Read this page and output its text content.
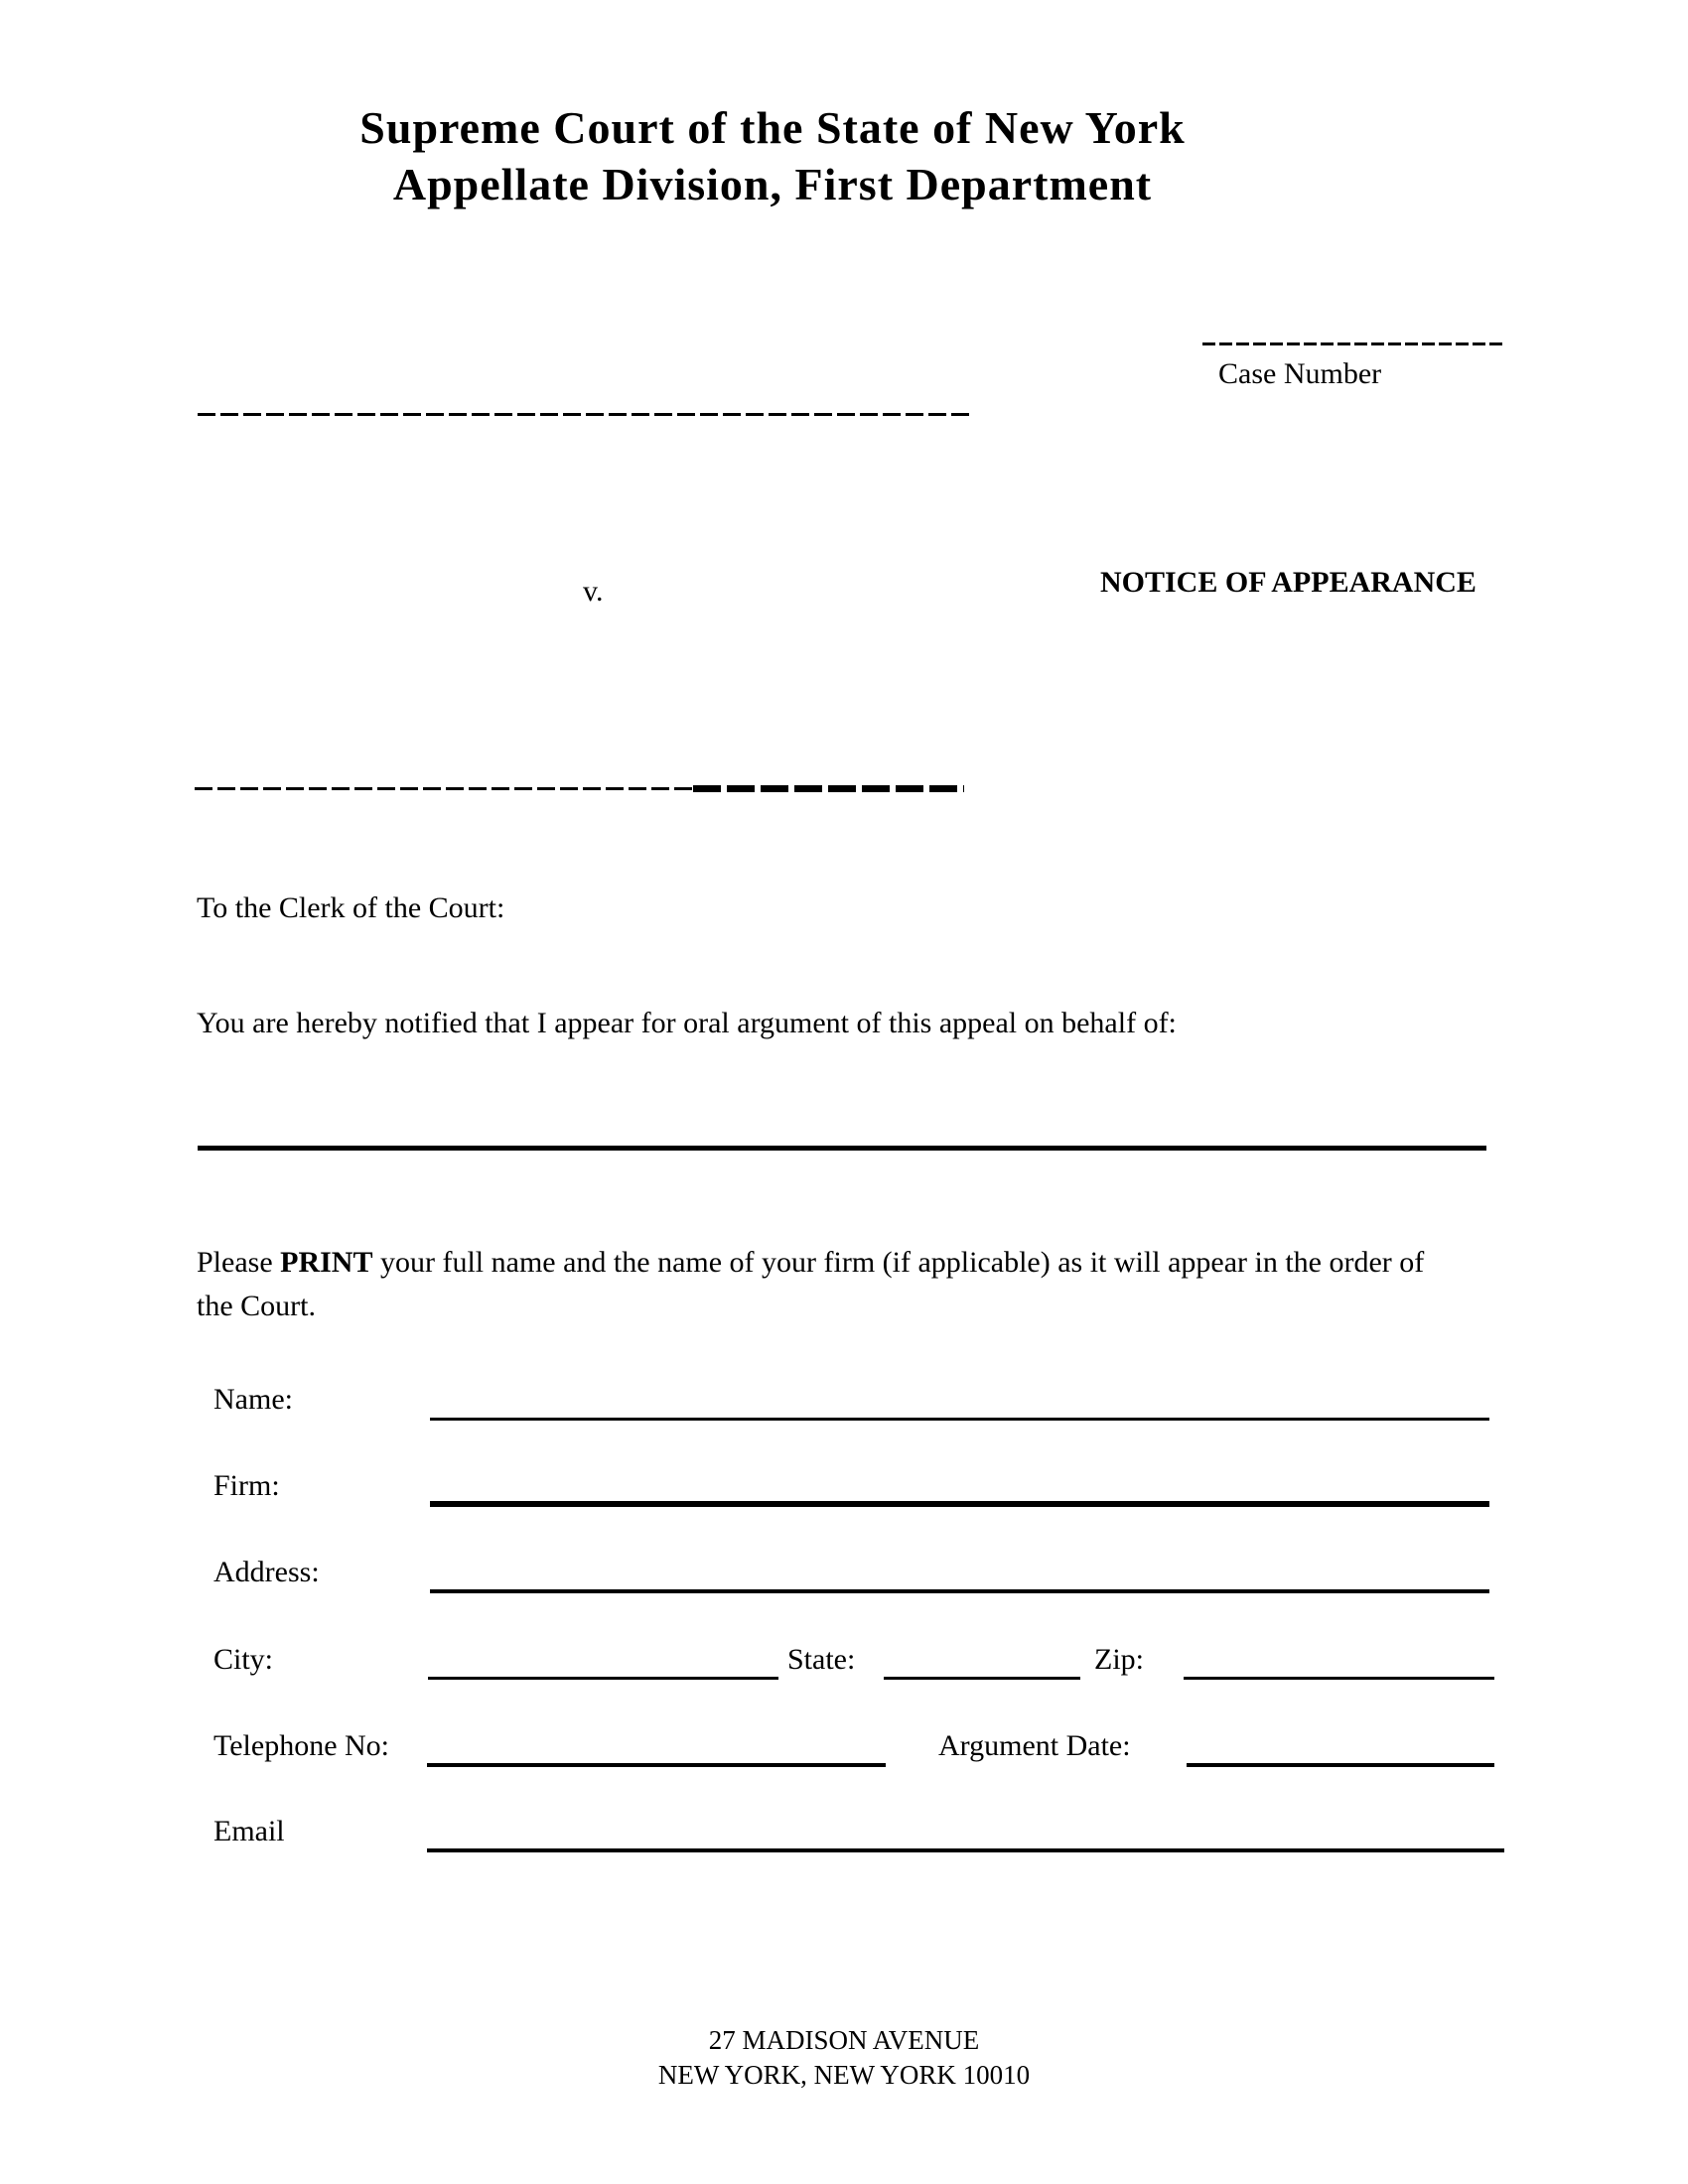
Supreme Court of the State of New York
Appellate Division, First Department
Case Number
v.	NOTICE OF APPEARANCE
To the Clerk of the Court:
You are hereby notified that I appear for oral argument of this appeal on behalf of:
Please PRINT your full name and the name of your firm (if applicable) as it will appear in the order of the Court.
Name:
Firm:
Address:
City:	State:	Zip:
Telephone No:	Argument Date:
Email
27 MADISON AVENUE
NEW YORK, NEW YORK 10010
